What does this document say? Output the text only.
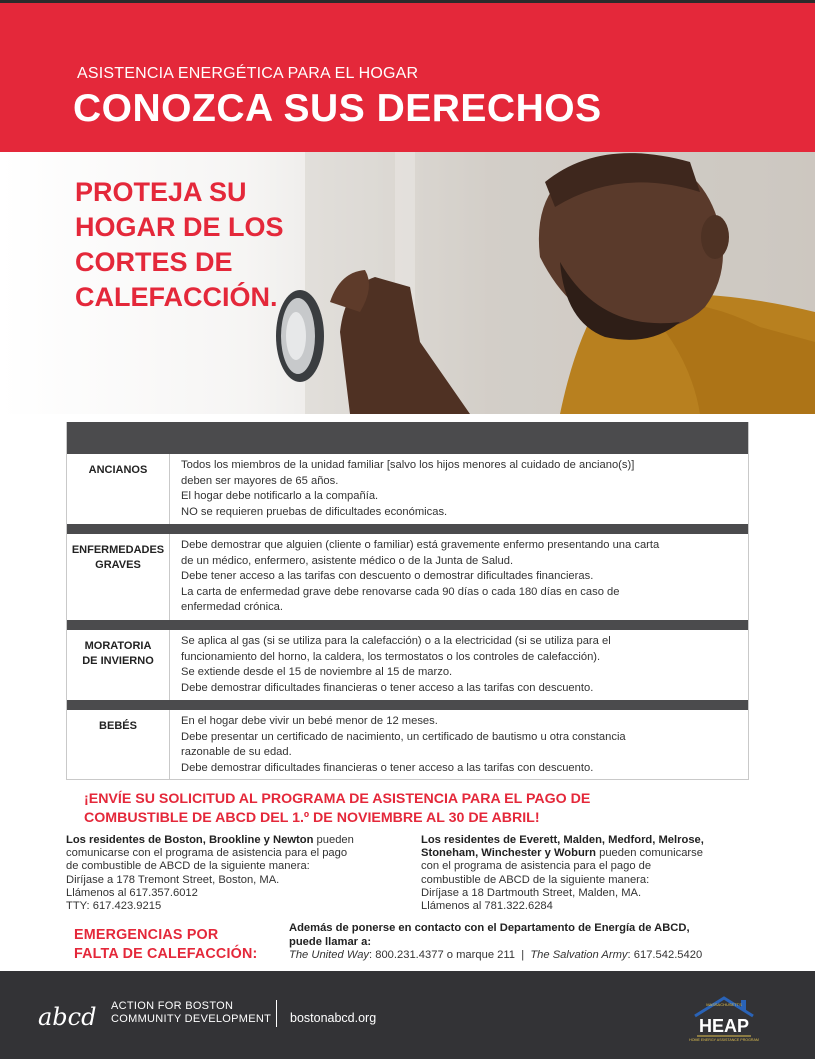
ASISTENCIA ENERGÉTICA PARA EL HOGAR
CONOZCA SUS DERECHOS
PROTEJA SU
HOGAR DE LOS
CORTES DE
CALEFACCIÓN.
ANCIANOS	Todos los miembros de la unidad familiar [salvo los hijos menores al cuidado de anciano(s)]
deben ser mayores de 65 años.
El hogar debe notificarlo a la compañía.
NO se requieren pruebas de dificultades económicas.
ENFERMEDADES
GRAVES
Debe demostrar que alguien (cliente o familiar) está gravemente enfermo presentando una carta
de un médico, enfermero, asistente médico o de la Junta de Salud.
Debe tener acceso a las tarifas con descuento o demostrar dificultades financieras.
La carta de enfermedad grave debe renovarse cada 90 días o cada 180 días en caso de
enfermedad crónica.
MORATORIA
DE INVIERNO
Se aplica al gas (si se utiliza para la calefacción) o a la electricidad (si se utiliza para el
funcionamiento del horno, la caldera, los termostatos o los controles de calefacción).
Se extiende desde el 15 de noviembre al 15 de marzo.
Debe demostrar dificultades financieras o tener acceso a las tarifas con descuento.
BEBÉS	En el hogar debe vivir un bebé menor de 12 meses.
Debe presentar un certificado de nacimiento, un certificado de bautismo u otra constancia
razonable de su edad.
Debe demostrar dificultades financieras o tener acceso a las tarifas con descuento.
¡ENVÍE SU SOLICITUD AL PROGRAMA DE ASISTENCIA PARA EL PAGO DE
COMBUSTIBLE DE ABCD DEL 1.º DE NOVIEMBRE AL 30 DE ABRIL!
Los residentes de Boston, Brookline y Newton pueden
comunicarse con el programa de asistencia para el pago
de combustible de ABCD de la siguiente manera:
Diríjase a 178 Tremont Street, Boston, MA.
Llámenos al 617.357.6012
TTY: 617.423.9215
Los residentes de Everett, Malden, Medford, Melrose,
Stoneham, Winchester y Woburn pueden comunicarse
con el programa de asistencia para el pago de
combustible de ABCD de la siguiente manera:
Diríjase a 18 Dartmouth Street, Malden, MA.
Llámenos al 781.322.6284
EMERGENCIAS POR
FALTA DE CALEFACCIÓN:
Además de ponerse en contacto con el Departamento de Energía de ABCD,
puede llamar a:
The United Way: 800.231.4377 o marque 211 | The Salvation Army: 617.542.5420
abcd ACTION FOR BOSTON
COMMUNITY DEVELOPMENT bostonabcd.org
MASSACHUSETTS
HEAP
HOME ENERGY ASSISTANCE PROGRAM
